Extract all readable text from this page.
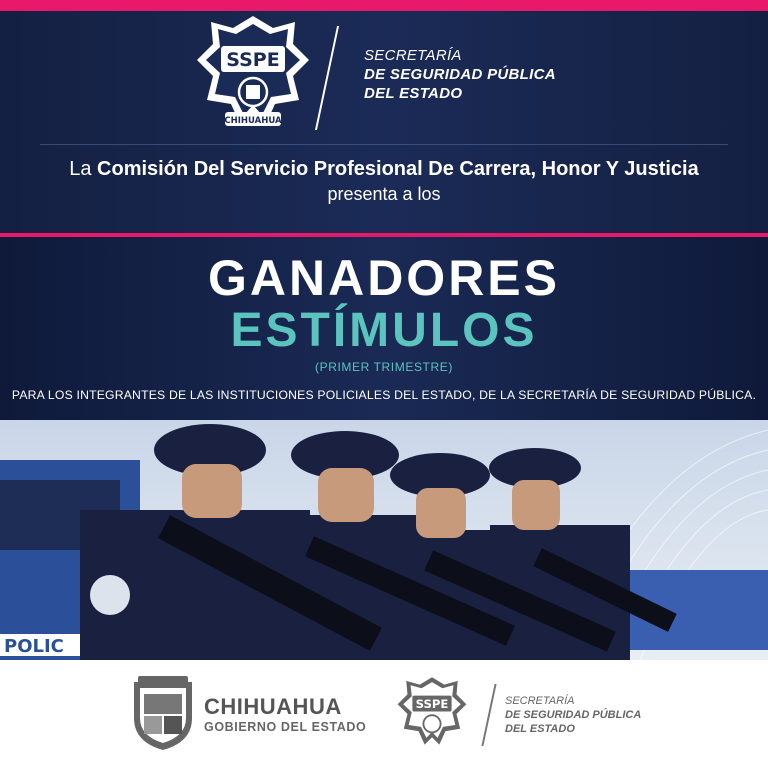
SSPE
CHIHUAHUA
SECRETARÍA
DE SEGURIDAD PÚBLICA
DEL ESTADO
La Comisión Del Servicio Profesional De Carrera, Honor Y Justicia
presenta a los
GANADORES
ESTÍMULOS
(PRIMER TRIMESTRE)
PARA LOS INTEGRANTES DE LAS INSTITUCIONES POLICIALES DEL ESTADO, DE LA SECRETARÍA DE SEGURIDAD PÚBLICA.
POLIC
CHIHUAHUA
GOBIERNO DEL ESTADO
SSPE	SECRETARÍA
DE SEGURIDAD PÚBLICA
DEL ESTADO
